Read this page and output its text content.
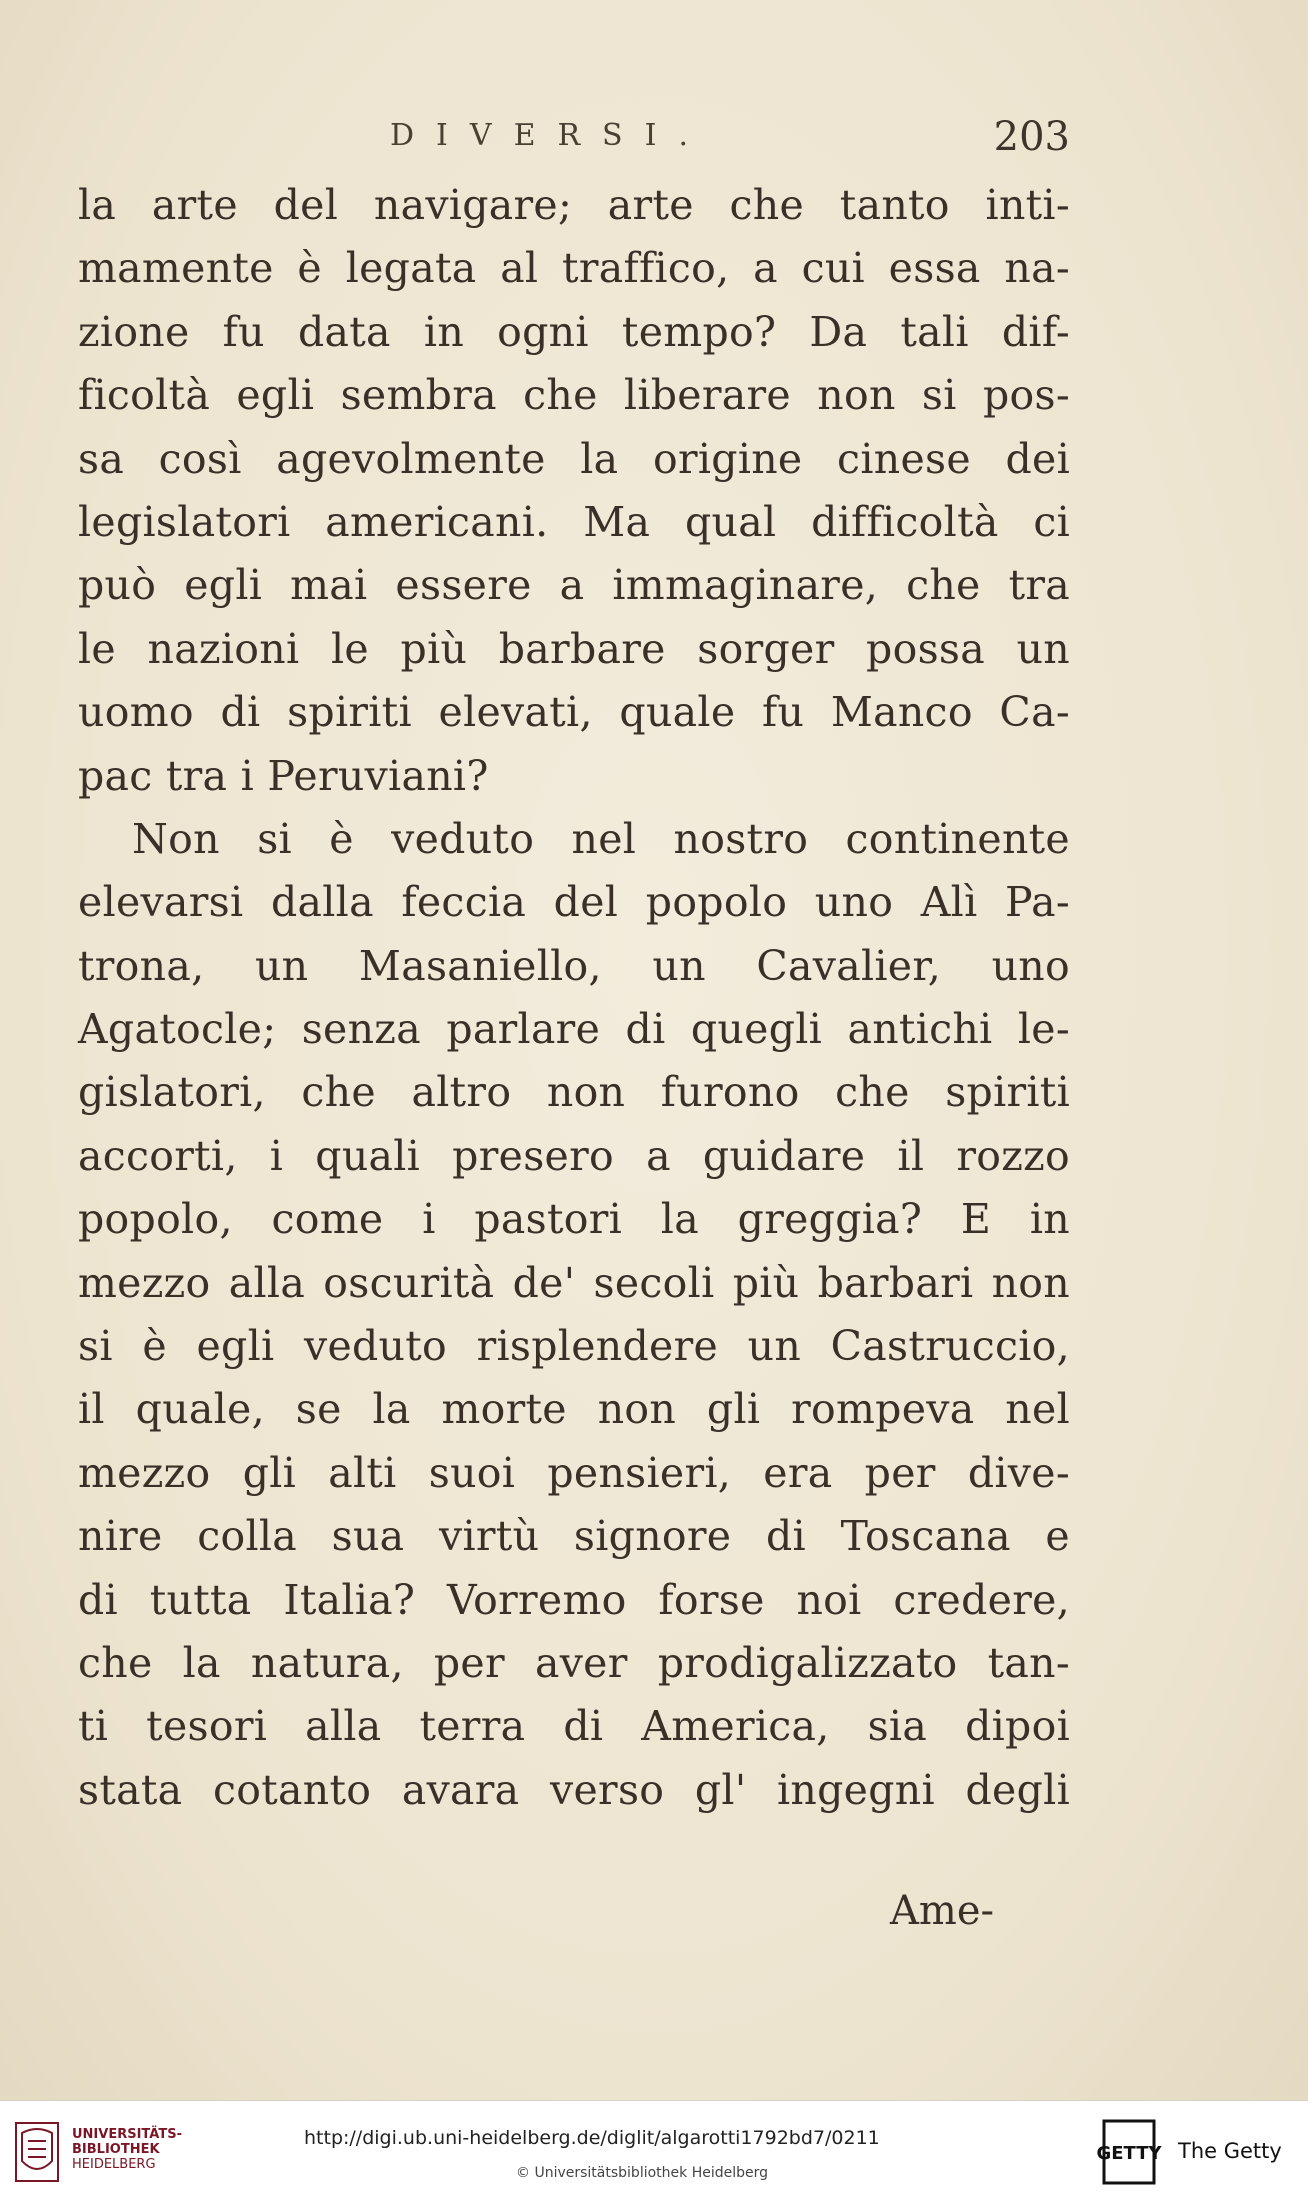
DIVERSI.	203
la arte del navigare; arte che tanto inti-
mamente è legata al traffico, a cui essa na-
zione fu data in ogni tempo? Da tali dif-
ficoltà egli sembra che liberare non si pos-
sa così agevolmente la origine cinese dei
legislatori americani. Ma qual difficoltà ci
può egli mai essere a immaginare, che tra
le nazioni le più barbare sorger possa un
uomo di spiriti elevati, quale fu Manco Ca-
pac tra i Peruviani?
Non si è veduto nel nostro continente
elevarsi dalla feccia del popolo uno Alì Pa-
trona, un Masaniello, un Cavalier, uno
Agatocle; senza parlare di quegli antichi le-
gislatori, che altro non furono che spiriti
accorti, i quali presero a guidare il rozzo
popolo, come i pastori la greggia? E in
mezzo alla oscurità de' secoli più barbari non
si è egli veduto risplendere un Castruccio,
il quale, se la morte non gli rompeva nel
mezzo gli alti suoi pensieri, era per dive-
nire colla sua virtù signore di Toscana e
di tutta Italia? Vorremo forse noi credere,
che la natura, per aver prodigalizzato tan-
ti tesori alla terra di America, sia dipoi
stata cotanto avara verso gl' ingegni degli
Ame-
UNIVERSITÄTS-
BIBLIOTHEK
HEIDELBERG
http://digi.ub.uni-heidelberg.de/diglit/algarotti1792bd7/0211
© Universitätsbibliothek Heidelberg
GETTY The Getty
